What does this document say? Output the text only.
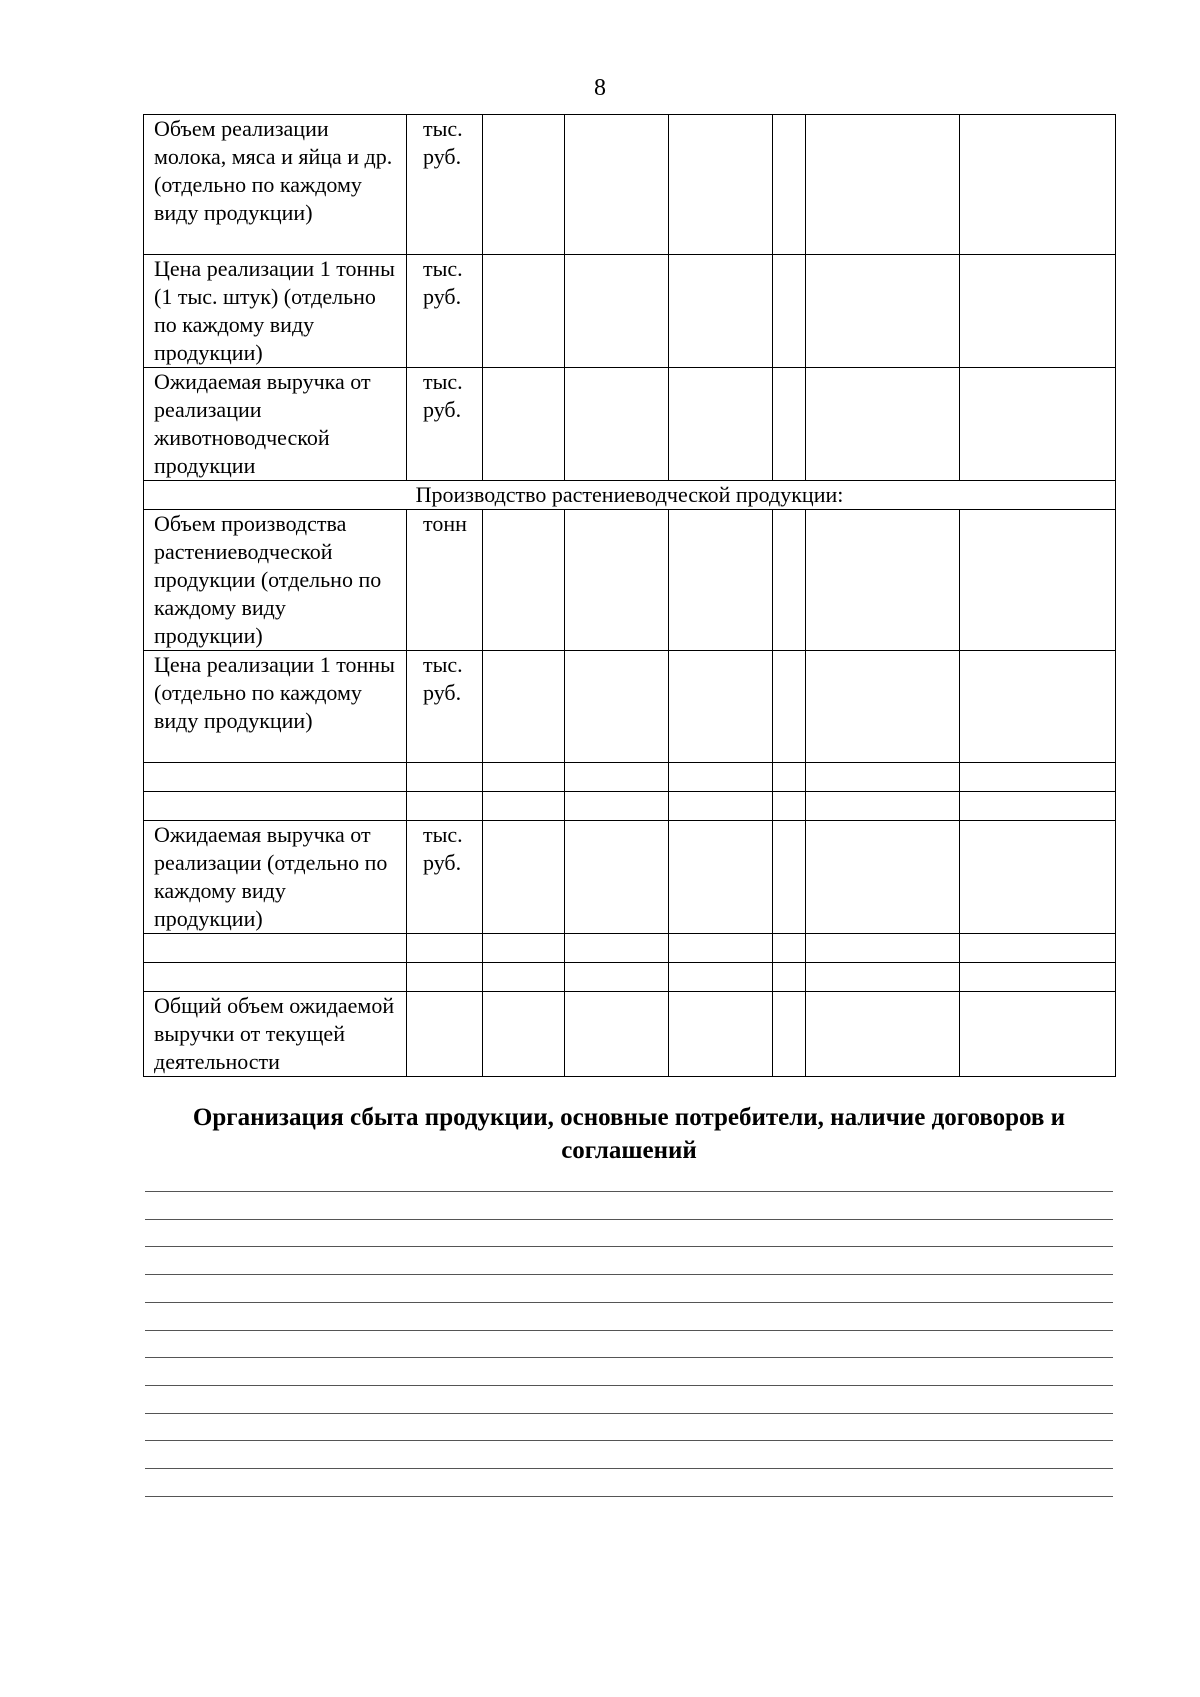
8
Объем реализации молока, мяса и яйца и др. (отдельно по каждому виду продукции)	тыс. руб.						
Цена реализации 1 тонны (1 тыс. штук) (отдельно по каждому виду продукции)	тыс. руб.						
Ожидаемая выручка от реализации животноводческой продукции	тыс. руб.						
Производство растениеводческой продукции:							
Объем производства растениеводческой продукции (отдельно по каждому виду продукции)	тонн						
Цена реализации 1 тонны (отдельно по каждому виду продукции)	тыс. руб.						

Ожидаемая выручка от реализации (отдельно по каждому виду продукции)	тыс. руб.						

Общий объем ожидаемой выручки от текущей деятельности							
Организация сбыта продукции, основные потребители, наличие договоров и соглашений
